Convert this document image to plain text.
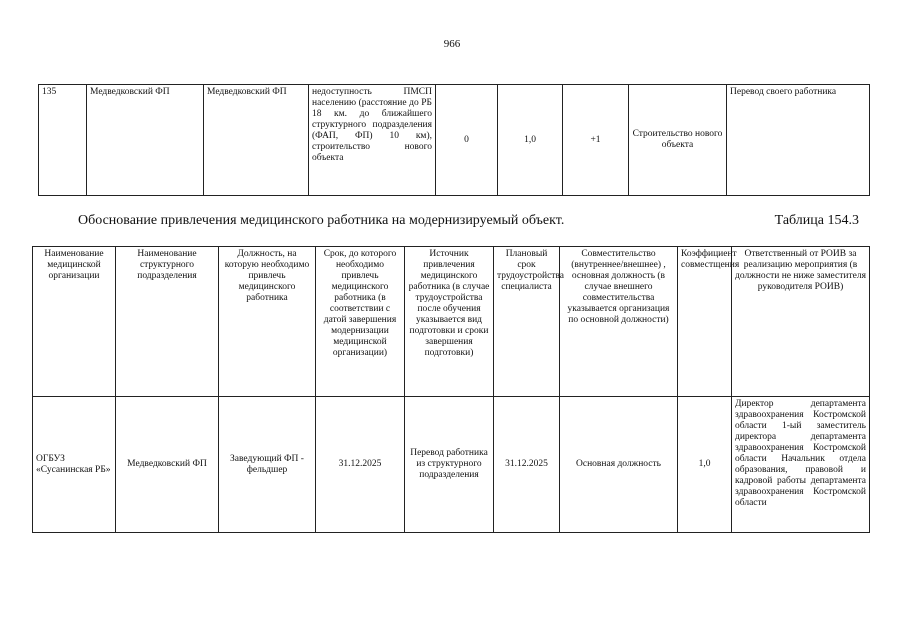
966
135	Медведковский ФП	Медведковский ФП	недоступность ПМСП населению (расстояние до РБ 18 км. до ближайшего структурного подразделения (ФАП, ФП) 10 км), строительство нового объекта	0	1,0	+1	Строительство нового объекта	Перевод своего работника
Обоснование привлечения медицинского работника на модернизируемый объект.	Таблица 154.3
Наименование медицинской организации	Наименование структурного подразделения	Должность, на которую необходимо привлечь медицинского работника	Срок, до которого необходимо привлечь медицинского работника (в соответствии с датой завершения модернизации медицинской организации)	Источник привлечения медицинского работника (в случае трудоустройства после обучения указывается вид подготовки и сроки завершения подготовки)	Плановый срок трудоустройства специалиста	Совместительство (внутреннее/внешнее) , основная должность (в случае внешнего совместительства указывается организация по основной должности)	Коэффициент совместщения	Ответственный от РОИВ за реализацию мероприятия (в должности не ниже заместителя руководителя РОИВ)
ОГБУЗ «Сусанинская РБ»	Медведковский ФП	Заведующий ФП - фельдшер	31.12.2025	Перевод работника из структурного подразделения	31.12.2025	Основная должность	1,0	Директор департамента здравоохранения Костромской области 1-ый заместитель директора департамента здравоохранения Костромской области Начальник отдела образования, правовой и кадровой работы департамента здравоохранения Костромской области
